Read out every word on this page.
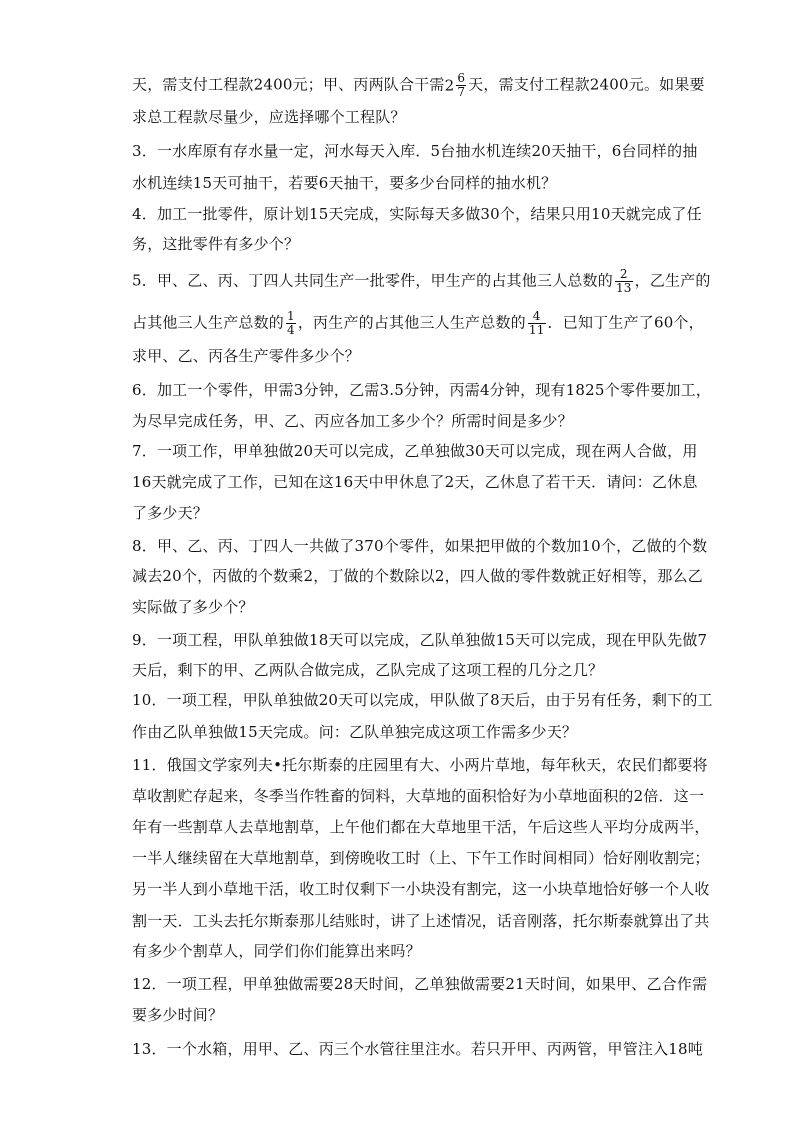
天，需支付工程款2400元；甲、丙两队合干需$2 \frac{6}{7}$ 天，需支付工程款2400元。如果要
求总工程款尽量少，应选择哪个工程队？
3．一水库原有存水量一定，河水每天入库．5台抽水机连续20天抽干，6台同样的抽
水机连续15天可抽干，若要6天抽干，要多少台同样的抽水机？
4．加工一批零件，原计划15天完成，实际每天多做30个，结果只用10天就完成了任
务，这批零件有多少个？
5．甲、乙、丙、丁四人共同生产一批零件，甲生产的占其他三人总数的 $\frac{2}{13}$ ，乙生产的
占其他三人生产总数的 $\frac{1}{4}$ ，丙生产的占其他三人生产总数的 $\frac{4}{11}$ ．已知丁生产了60个，
求甲、乙、丙各生产零件多少个？
6．加工一个零件，甲需3分钟，乙需3.5分钟，丙需4分钟，现有1825个零件要加工，
为尽早完成任务，甲、乙、丙应各加工多少个？所需时间是多少？
7．一项工作，甲单独做20天可以完成，乙单独做30天可以完成，现在两人合做，用
16天就完成了工作，已知在这16天中甲休息了2天，乙休息了若干天．请问：乙休息
了多少天？
8．甲、乙、丙、丁四人一共做了370个零件，如果把甲做的个数加10个，乙做的个数
减去20个，丙做的个数乘2，丁做的个数除以2，四人做的零件数就正好相等，那么乙
实际做了多少个？
9．一项工程，甲队单独做18天可以完成，乙队单独做15天可以完成，现在甲队先做7
天后，剩下的甲、乙两队合做完成，乙队完成了这项工程的几分之几？
10．一项工程，甲队单独做20天可以完成，甲队做了8天后，由于另有任务，剩下的工
作由乙队单独做15天完成。问：乙队单独完成这项工作需多少天？
11．俄国文学家列夫•托尔斯泰的庄园里有大、小两片草地，每年秋天，农民们都要将
草收割贮存起来，冬季当作牲畜的饲料，大草地的面积恰好为小草地面积的2倍．这一
年有一些割草人去草地割草，上午他们都在大草地里干活，午后这些人平均分成两半，
一半人继续留在大草地割草，到傍晚收工时（上、下午工作时间相同）恰好刚收割完；
另一半人到小草地干活，收工时仅剩下一小块没有割完，这一小块草地恰好够一个人收
割一天．工头去托尔斯泰那儿结账时，讲了上述情况，话音刚落，托尔斯泰就算出了共
有多少个割草人，同学们你们能算出来吗？
12．一项工程，甲单独做需要28天时间，乙单独做需要21天时间，如果甲、乙合作需
要多少时间？
13．一个水箱，用甲、乙、丙三个水管往里注水。若只开甲、丙两管，甲管注入18吨
